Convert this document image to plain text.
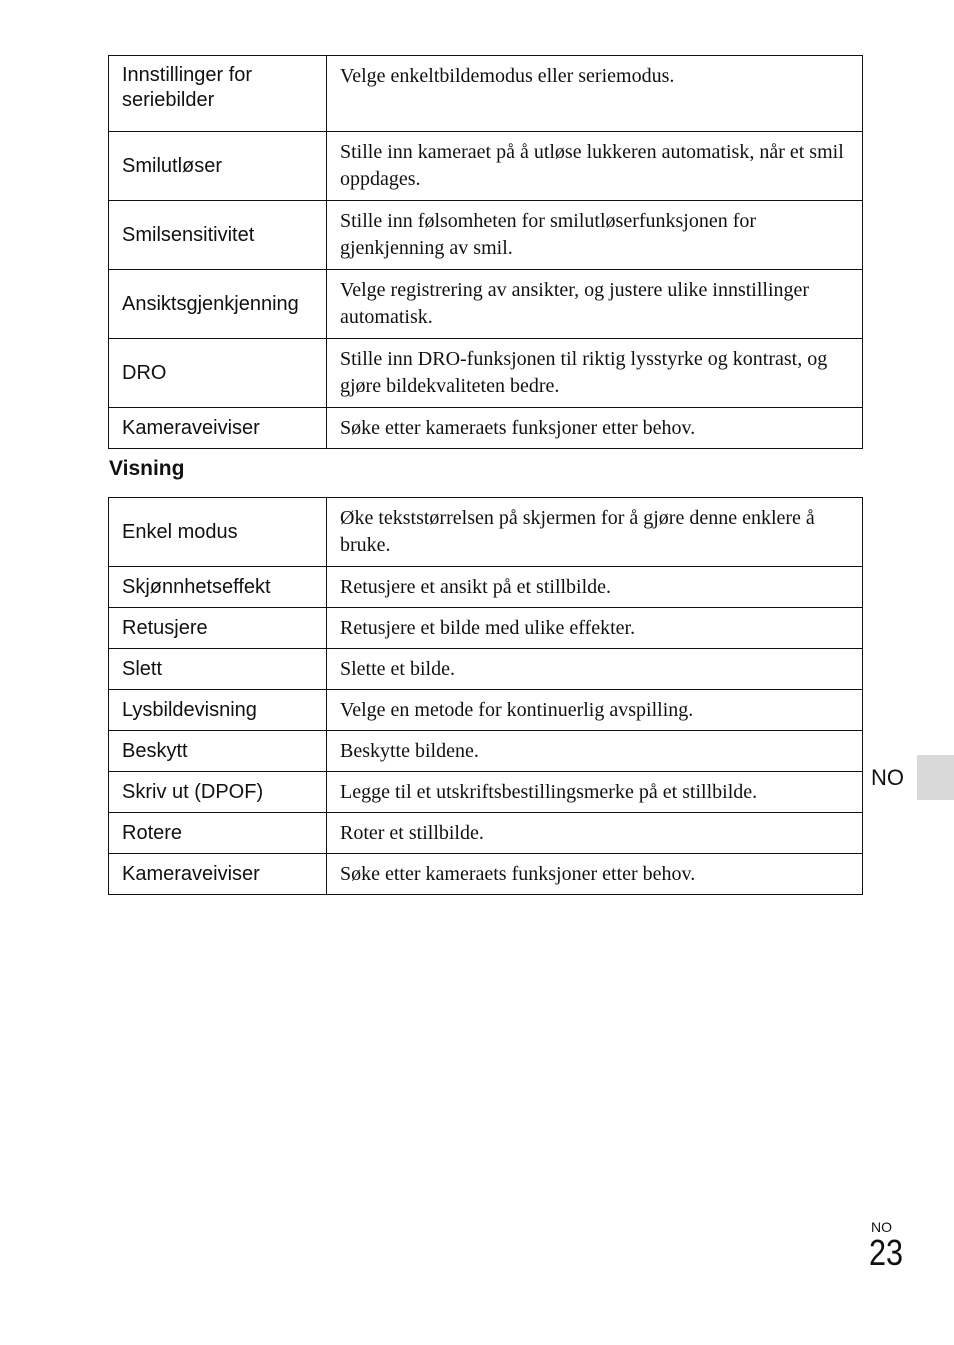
Innstillinger for seriebilder	Velge enkeltbildemodus eller seriemodus.
Smilutløser	Stille inn kameraet på å utløse lukkeren automatisk, når et smil oppdages.
Smilsensitivitet	Stille inn følsomheten for smilutløserfunksjonen for gjenkjenning av smil.
Ansiktsgjenkjenning	Velge registrering av ansikter, og justere ulike innstillinger automatisk.
DRO	Stille inn DRO-funksjonen til riktig lysstyrke og kontrast, og gjøre bildekvaliteten bedre.
Kameraveiviser	Søke etter kameraets funksjoner etter behov.
Visning
Enkel modus	Øke tekststørrelsen på skjermen for å gjøre denne enklere å bruke.
Skjønnhetseffekt	Retusjere et ansikt på et stillbilde.
Retusjere	Retusjere et bilde med ulike effekter.
Slett	Slette et bilde.
Lysbildevisning	Velge en metode for kontinuerlig avspilling.
Beskytt	Beskytte bildene.
Skriv ut (DPOF)	Legge til et utskriftsbestillingsmerke på et stillbilde.
Rotere	Roter et stillbilde.
Kameraveiviser	Søke etter kameraets funksjoner etter behov.
NO
NO
23
